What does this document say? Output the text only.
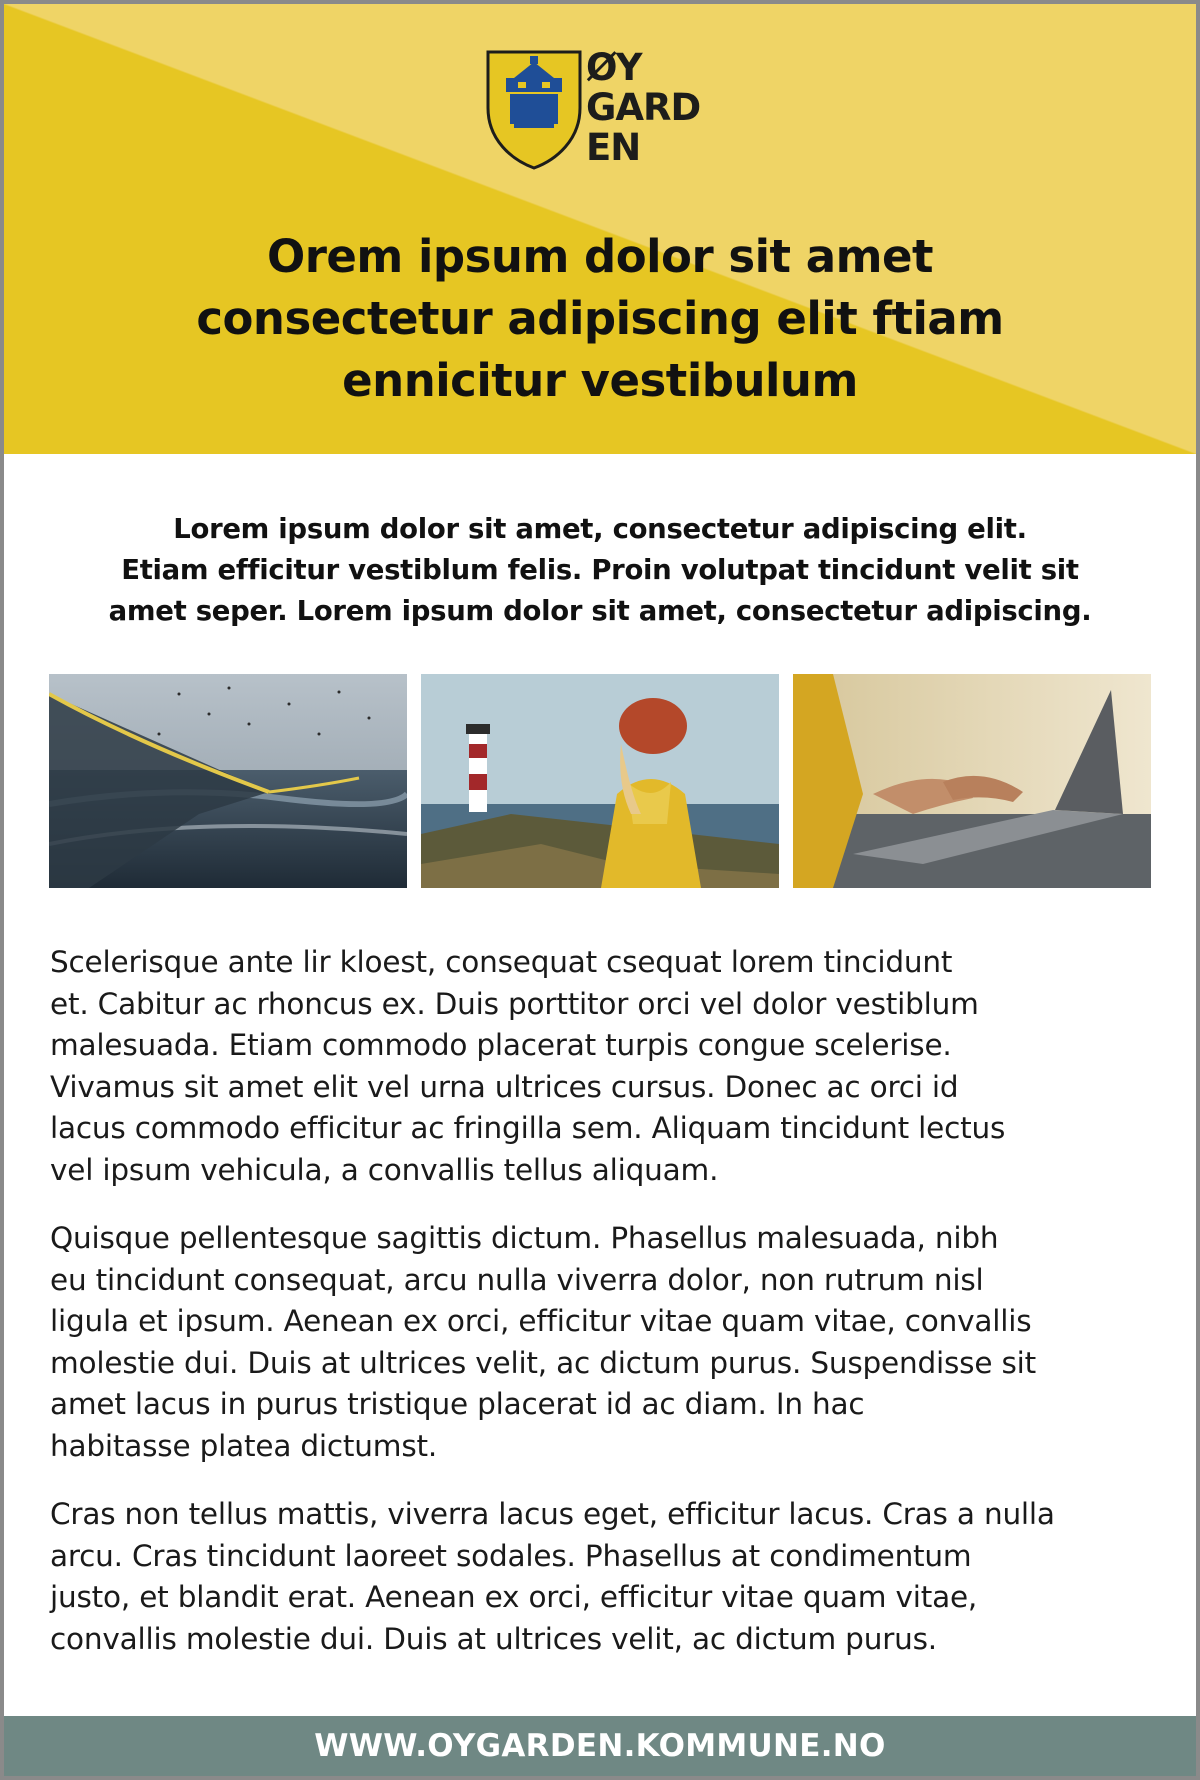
ØY
GARD
EN
Orem ipsum dolor sit amet
consectetur adipiscing elit ftiam
ennicitur vestibulum
Lorem ipsum dolor sit amet, consectetur adipiscing elit.
Etiam efficitur vestiblum felis. Proin volutpat tincidunt velit sit
amet seper. Lorem ipsum dolor sit amet, consectetur adipiscing.

Scelerisque ante lir kloest, consequat csequat lorem tincidunt
et. Cabitur ac rhoncus ex. Duis porttitor orci vel dolor vestiblum
malesuada. Etiam commodo placerat turpis congue scelerise.
Vivamus sit amet elit vel urna ultrices cursus. Donec ac orci id
lacus commodo efficitur ac fringilla sem. Aliquam tincidunt lectus
vel ipsum vehicula, a convallis tellus aliquam.

Quisque pellentesque sagittis dictum. Phasellus malesuada, nibh
eu tincidunt consequat, arcu nulla viverra dolor, non rutrum nisl
ligula et ipsum. Aenean ex orci, efficitur vitae quam vitae, convallis
molestie dui. Duis at ultrices velit, ac dictum purus. Suspendisse sit
amet lacus in purus tristique placerat id ac diam. In hac
habitasse platea dictumst.

Cras non tellus mattis, viverra lacus eget, efficitur lacus. Cras a nulla
arcu. Cras tincidunt laoreet sodales. Phasellus at condimentum
justo, et blandit erat. Aenean ex orci, efficitur vitae quam vitae,
convallis molestie dui. Duis at ultrices velit, ac dictum purus.

WWW.OYGARDEN.KOMMUNE.NO
